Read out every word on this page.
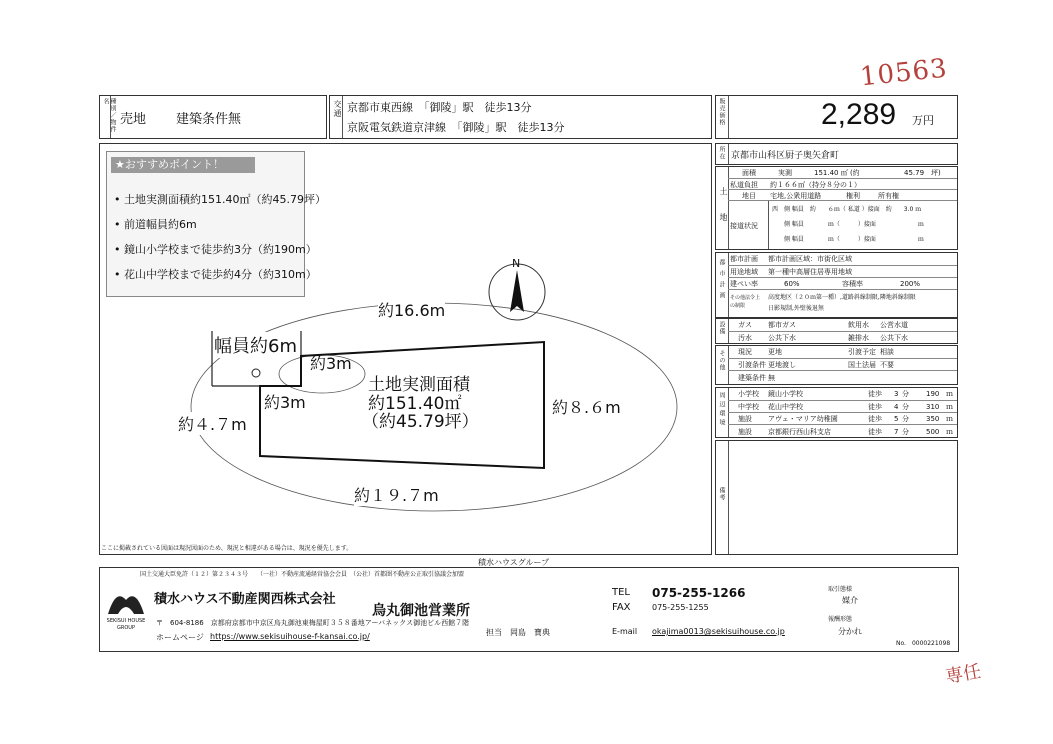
10563
専任
種別／物件名
売地 建築条件無
交通 京都市東西線　「御陵」駅　徒歩13分
京阪電気鉄道京津線　「御陵」駅　徒歩13分
販売価格	2,289 万円
★おすすめポイント！
• 土地実測面積約151.40㎡（約45.79坪）
• 前道幅員約6m
• 鏡山小学校まで徒歩約3分（約190m）
• 花山中学校まで徒歩約4分（約310m）
N
約16.6m
幅員約6m
約3m
約3m
約４.７m
約８.６m
約１９.７m
土地実測面積
約151.40㎡
（約45.79坪）
ここに掲載されている図面は現況図面のため、現況と相違がある場合は、現況を優先します。
積水ハウスグループ
所在 京都市山科区厨子奥矢倉町
土地
面積	実測	151.40 ㎡ (約	45.79　坪)
私道負担 約１６６㎡（持分８分の１）
地目 宅地,公衆用道路	権利	所有権
接道状況
西　側 幅員　約　　６ｍ（ 私道 ）接面　約　　3.0 ｍ
側 幅員　　　　ｍ（　　　）接面　　　　　　　ｍ
側 幅員　　　　ｍ（　　　）接面　　　　　　　ｍ
都市計画 都市計画 都市計画区域：市街化区域
用途地域 第一種中高層住居専用地域
建ぺい率	60%	容積率	200%
その他法令上の制限
高度地区（２０ｍ第一種）,道路斜線制限,隣地斜線制限
日影規制,外壁後退無
設備 ガス 都市ガス	飲用水 公営水道
汚水 公共下水	雑排水 公共下水
その他 現況 更地	引渡予定 相談
引渡条件 更地渡し	国土法届 不要
建築条件 無
周辺環境 小学校 鏡山小学校	徒歩 3 分 190 ｍ
中学校 花山中学校	徒歩 4 分 310 ｍ
施設 アヴェ・マリア幼稚園	徒歩 5 分 350 ｍ
施設 京都銀行西山科支店	徒歩 7 分 500 ｍ
備考
国土交通大臣免許（１２）第２３４３号　　（一社）不動産流通経営協会会員　（公社）首都圏不動産公正取引協議会加盟
SEKISUI HOUSE GROUP
積水ハウス不動産関西株式会社
烏丸御池営業所
〒　604-8186　京都府京都市中京区烏丸御池東梅屋町３５８番地アーバネックス御池ビル西館７階
ホームページ https://www.sekisuihouse-f-kansai.co.jp/	担当　岡島　寶典
TEL 075-255-1266
FAX	075-255-1255
E-mail okajima0013@sekisuihouse.co.jp
取引態様
媒介
報酬形態
分かれ
No.　0000221098
